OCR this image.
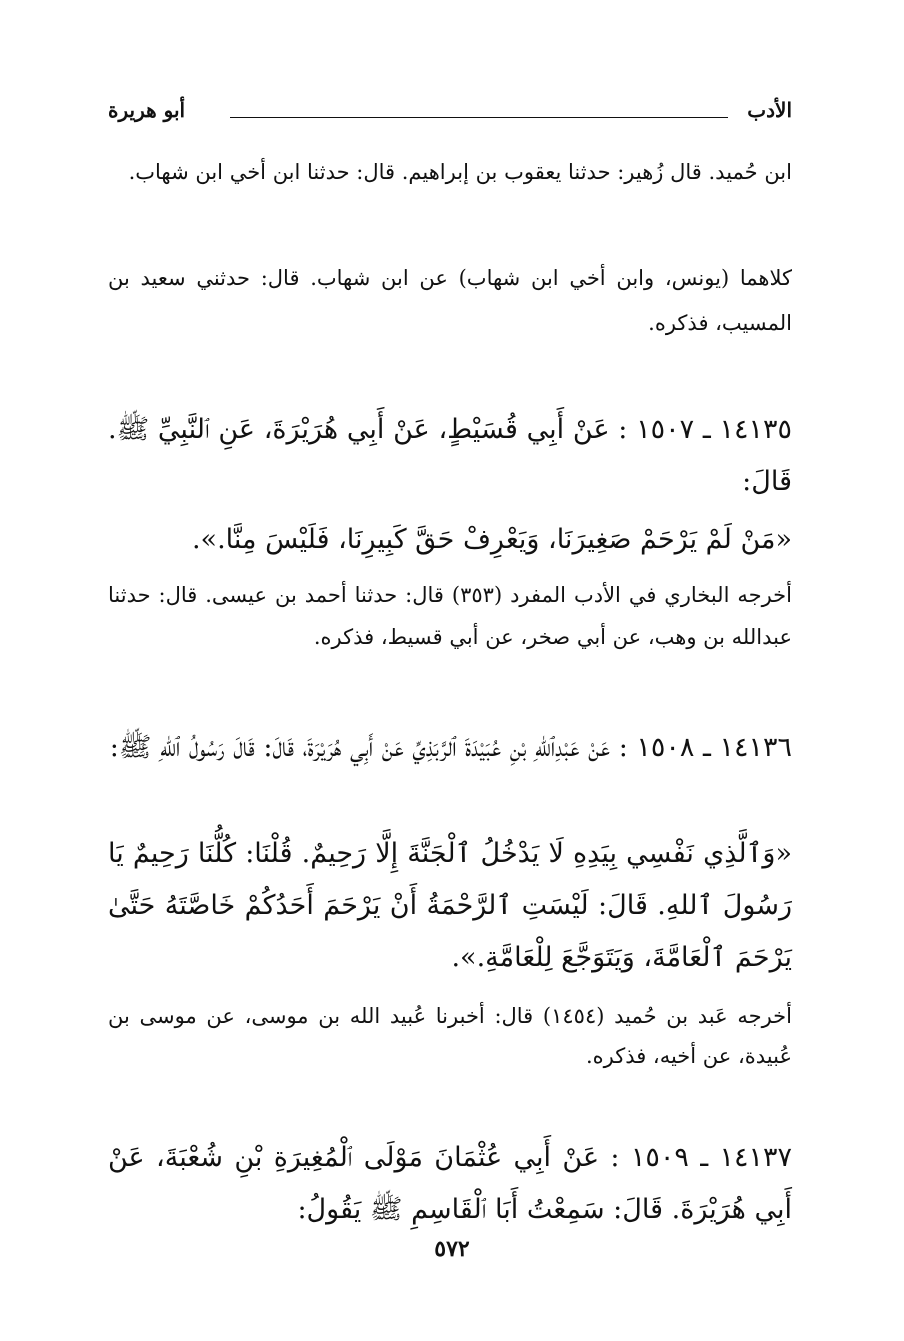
الأدب
أبو هريرة

ابن حُميد. قال زُهير: حدثنا يعقوب بن إبراهيم. قال: حدثنا ابن أخي ابن شهاب.

كلاهما (يونس، وابن أخي ابن شهاب) عن ابن شهاب. قال: حدثني سعيد بن المسيب، فذكره.

١٤١٣٥ ـ ١٥٠٧ : عَنْ أَبِي قُسَيْطٍ، عَنْ أَبِي هُرَيْرَةَ، عَنِ ٱلنَّبِيِّ ﷺ. قَالَ:

«مَنْ لَمْ يَرْحَمْ صَغِيرَنَا، وَيَعْرِفْ حَقَّ كَبِيرِنَا، فَلَيْسَ مِنَّا.».

أخرجه البخاري في الأدب المفرد (٣٥٣) قال: حدثنا أحمد بن عيسى. قال: حدثنا عبدالله بن وهب، عن أبي صخر، عن أبي قسيط، فذكره.

١٤١٣٦ ـ ١٥٠٨ : عَنْ عَبْدِٱللهِ بْنِ عُبَيْدَةَ ٱلرَّبَذِيِّ عَنْ أَبِي هُرَيْرَةَ، قَالَ: قَالَ رَسُولُ ٱللهِ ﷺ:

«وَٱلَّذِي نَفْسِي بِيَدِهِ لَا يَدْخُلُ ٱلْجَنَّةَ إِلَّا رَحِيمٌ. قُلْنَا: كُلُّنَا رَحِيمٌ يَا رَسُولَ ٱللهِ. قَالَ: لَيْسَتِ ٱلرَّحْمَةُ أَنْ يَرْحَمَ أَحَدُكُمْ خَاصَّتَهُ حَتَّىٰ يَرْحَمَ ٱلْعَامَّةَ، وَيَتَوَجَّعَ لِلْعَامَّةِ.».

أخرجه عَبد بن حُميد (١٤٥٤) قال: أخبرنا عُبيد الله بن موسى، عن موسى بن عُبيدة، عن أخيه، فذكره.

١٤١٣٧ ـ ١٥٠٩ : عَنْ أَبِي عُثْمَانَ مَوْلَى ٱلْمُغِيرَةِ بْنِ شُعْبَةَ، عَنْ أَبِي هُرَيْرَةَ. قَالَ: سَمِعْتُ أَبَا ٱلْقَاسِمِ ﷺ يَقُولُ:

٥٧٢
